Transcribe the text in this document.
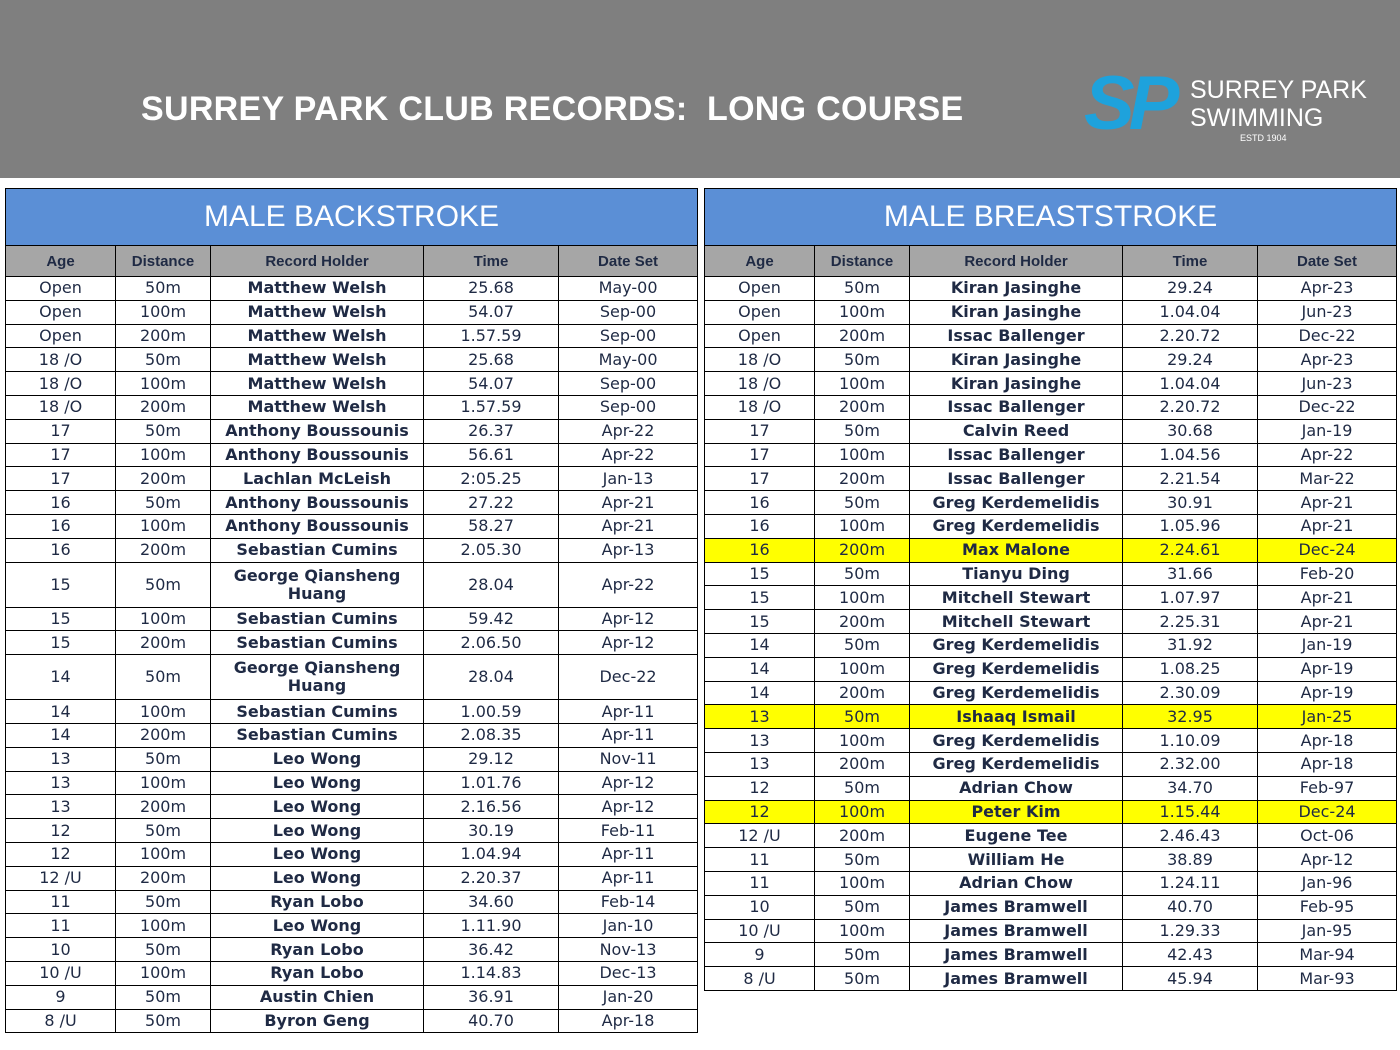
SURREY PARK CLUB RECORDS:  LONG COURSE SP SURREY PARK
SWIMMING
ESTD 1904
MALE BACKSTROKE				
Age	Distance	Record Holder	Time	Date Set
Open	50m	Matthew Welsh	25.68	May-00
Open	100m	Matthew Welsh	54.07	Sep-00
Open	200m	Matthew Welsh	1.57.59	Sep-00
18 /O	50m	Matthew Welsh	25.68	May-00
18 /O	100m	Matthew Welsh	54.07	Sep-00
18 /O	200m	Matthew Welsh	1.57.59	Sep-00
17	50m	Anthony Boussounis	26.37	Apr-22
17	100m	Anthony Boussounis	56.61	Apr-22
17	200m	Lachlan McLeish	2:05.25	Jan-13
16	50m	Anthony Boussounis	27.22	Apr-21
16	100m	Anthony Boussounis	58.27	Apr-21
16	200m	Sebastian Cumins	2.05.30	Apr-13
15	50m	George Qiansheng Huang	28.04	Apr-22
15	100m	Sebastian Cumins	59.42	Apr-12
15	200m	Sebastian Cumins	2.06.50	Apr-12
14	50m	George Qiansheng Huang	28.04	Dec-22
14	100m	Sebastian Cumins	1.00.59	Apr-11
14	200m	Sebastian Cumins	2.08.35	Apr-11
13	50m	Leo Wong	29.12	Nov-11
13	100m	Leo Wong	1.01.76	Apr-12
13	200m	Leo Wong	2.16.56	Apr-12
12	50m	Leo Wong	30.19	Feb-11
12	100m	Leo Wong	1.04.94	Apr-11
12 /U	200m	Leo Wong	2.20.37	Apr-11
11	50m	Ryan Lobo	34.60	Feb-14
11	100m	Leo Wong	1.11.90	Jan-10
10	50m	Ryan Lobo	36.42	Nov-13
10 /U	100m	Ryan Lobo	1.14.83	Dec-13
9	50m	Austin Chien	36.91	Jan-20
8 /U	50m	Byron Geng	40.70	Apr-18
MALE BREASTSTROKE				
Age	Distance	Record Holder	Time	Date Set
Open	50m	Kiran Jasinghe	29.24	Apr-23
Open	100m	Kiran Jasinghe	1.04.04	Jun-23
Open	200m	Issac Ballenger	2.20.72	Dec-22
18 /O	50m	Kiran Jasinghe	29.24	Apr-23
18 /O	100m	Kiran Jasinghe	1.04.04	Jun-23
18 /O	200m	Issac Ballenger	2.20.72	Dec-22
17	50m	Calvin Reed	30.68	Jan-19
17	100m	Issac Ballenger	1.04.56	Apr-22
17	200m	Issac Ballenger	2.21.54	Mar-22
16	50m	Greg Kerdemelidis	30.91	Apr-21
16	100m	Greg Kerdemelidis	1.05.96	Apr-21
16	200m	Max Malone	2.24.61	Dec-24
15	50m	Tianyu Ding	31.66	Feb-20
15	100m	Mitchell Stewart	1.07.97	Apr-21
15	200m	Mitchell Stewart	2.25.31	Apr-21
14	50m	Greg Kerdemelidis	31.92	Jan-19
14	100m	Greg Kerdemelidis	1.08.25	Apr-19
14	200m	Greg Kerdemelidis	2.30.09	Apr-19
13	50m	Ishaaq Ismail	32.95	Jan-25
13	100m	Greg Kerdemelidis	1.10.09	Apr-18
13	200m	Greg Kerdemelidis	2.32.00	Apr-18
12	50m	Adrian Chow	34.70	Feb-97
12	100m	Peter Kim	1.15.44	Dec-24
12 /U	200m	Eugene Tee	2.46.43	Oct-06
11	50m	William He	38.89	Apr-12
11	100m	Adrian Chow	1.24.11	Jan-96
10	50m	James Bramwell	40.70	Feb-95
10 /U	100m	James Bramwell	1.29.33	Jan-95
9	50m	James Bramwell	42.43	Mar-94
8 /U	50m	James Bramwell	45.94	Mar-93
